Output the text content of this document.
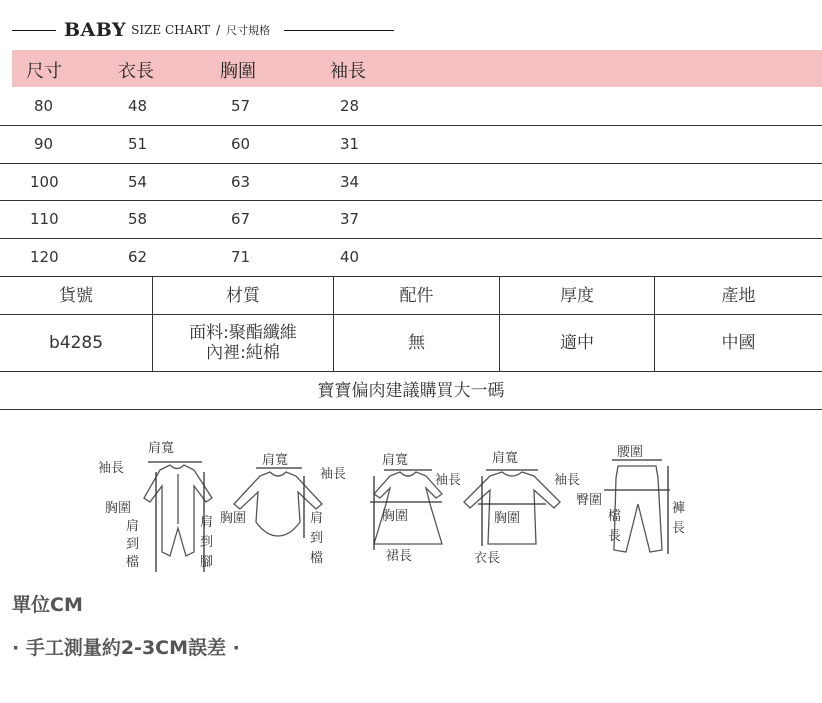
BABY SIZE CHART / 尺寸規格
尺寸	衣長	胸圍	袖長
80	48	57	28
90	51	60	31
100	54	63	34
110	58	67	37
120	62	71	40
貨號	材質	配件	厚度	產地
b4285	面料:聚酯纖維
內裡:純棉	無	適中	中國
寶寶偏肉建議購買大一碼
肩寬
袖長
胸圍
肩
到
檔
肩
到
腳
肩寬
袖長
胸圍	肩
到
檔
肩寬
袖長
胸圍
裙長
肩寬
袖長
胸圍
衣長
腰圍
臀圍
檔
長
褲
長
單位CM
· 手工測量約2-3CM誤差 ·
